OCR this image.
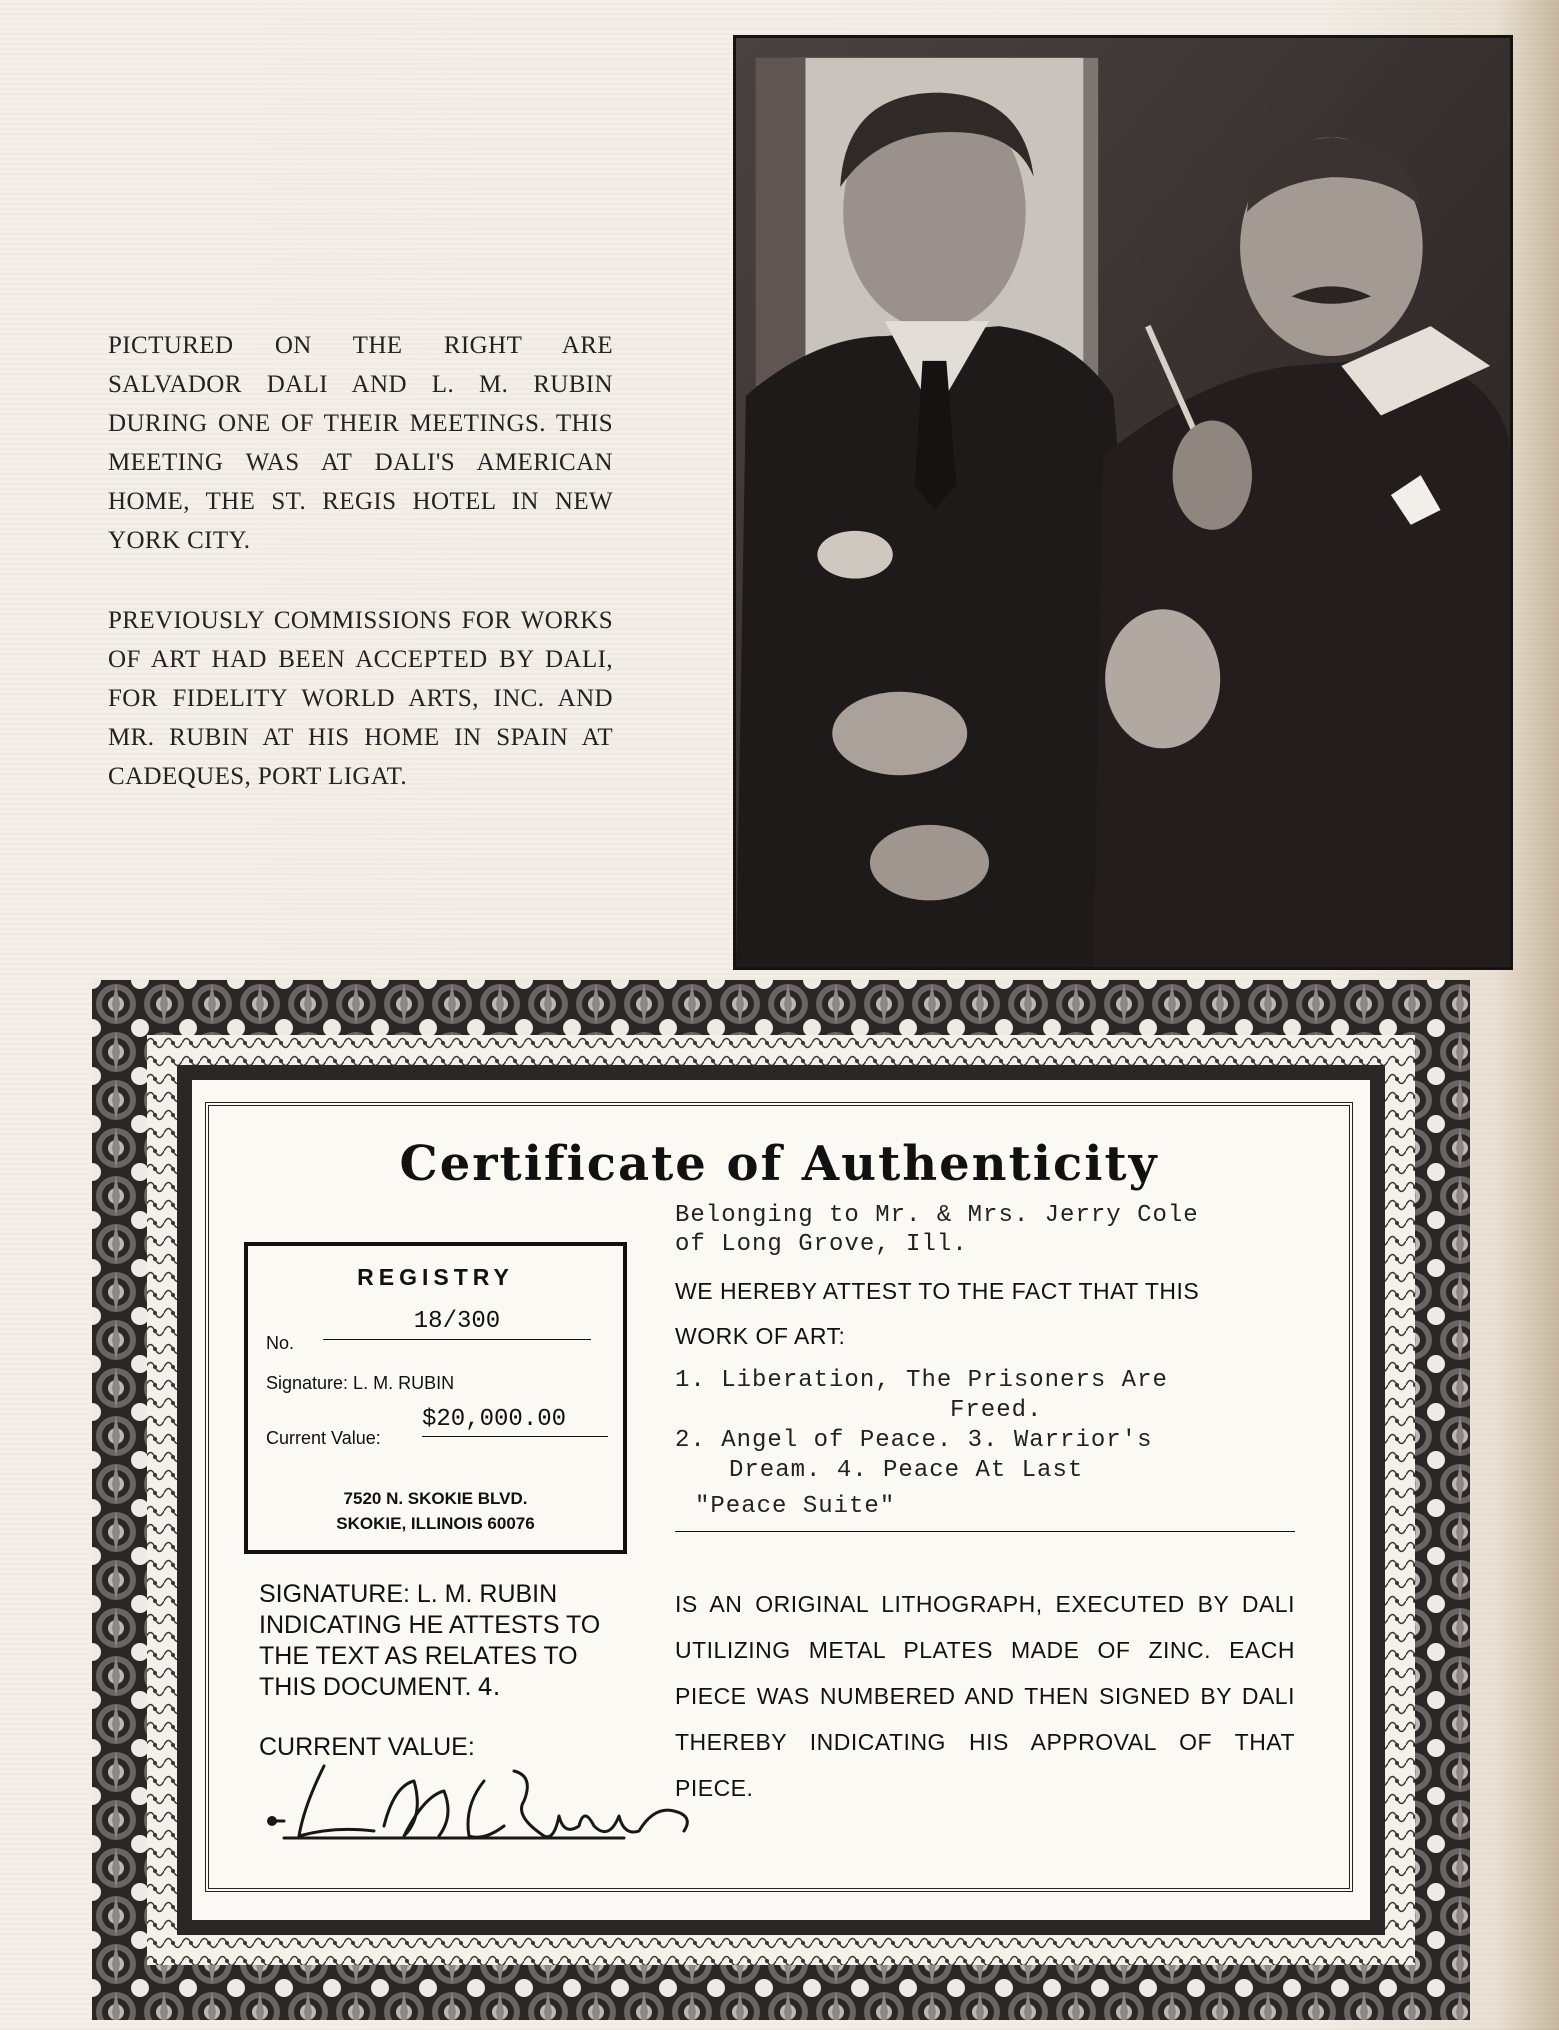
PICTURED ON THE RIGHT ARE SALVADOR DALI AND L. M. RUBIN DURING ONE OF THEIR MEETINGS. THIS MEETING WAS AT DALI'S AMERICAN HOME, THE ST. REGIS HOTEL IN NEW YORK CITY.

PREVIOUSLY COMMISSIONS FOR WORKS OF ART HAD BEEN ACCEPTED BY DALI, FOR FIDELITY WORLD ARTS, INC. AND MR. RUBIN AT HIS HOME IN SPAIN AT CADEQUES, PORT LIGAT.

Certificate of Authenticity
REGISTRY
No.
18/300
Signature: L. M. RUBIN
Current Value:
$20,000.00
7520 N. SKOKIE BLVD.
SKOKIE, ILLINOIS 60076

SIGNATURE: L. M. RUBIN INDICATING HE ATTESTS TO THE TEXT AS RELATES TO THIS DOCUMENT. 4.

CURRENT VALUE:

Belonging to Mr. & Mrs. Jerry Cole
of Long Grove, Ill.

WE HEREBY ATTEST TO THE FACT THAT THIS
WORK OF ART:

1. Liberation, The Prisoners Are
Freed.
2. Angel of Peace. 3. Warrior's
Dream. 4. Peace At Last
"Peace Suite"

IS AN ORIGINAL LITHOGRAPH, EXECUTED BY DALI UTILIZING METAL PLATES MADE OF ZINC. EACH PIECE WAS NUMBERED AND THEN SIGNED BY DALI THEREBY INDICATING HIS APPROVAL OF THAT PIECE.
